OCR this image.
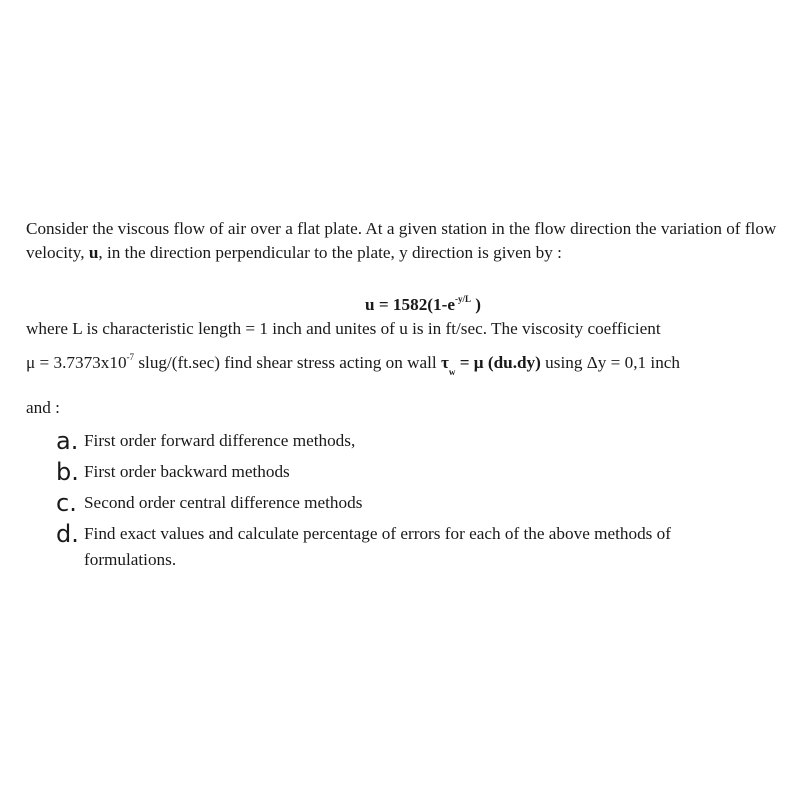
Consider the viscous flow of air over a flat plate. At a given station in the flow direction the variation of flow velocity, u, in the direction perpendicular to the plate, y direction is given by :

$u = 1582(1-e^{-y/L}$ )

where L is characteristic length = 1 inch and unites of u is in ft/sec. The viscosity coefficient
$\mu = 3.7373x10^{-7}$ slug/(ft.sec) find shear stress acting on wall $\tau_w = \mu$ (du.dy) using Δy = 0,1 inch

and :
a. First order forward difference methods,
b. First order backward methods
c. Second order central difference methods
d. Find exact values and calculate percentage of errors for each of the above methods of formulations.
